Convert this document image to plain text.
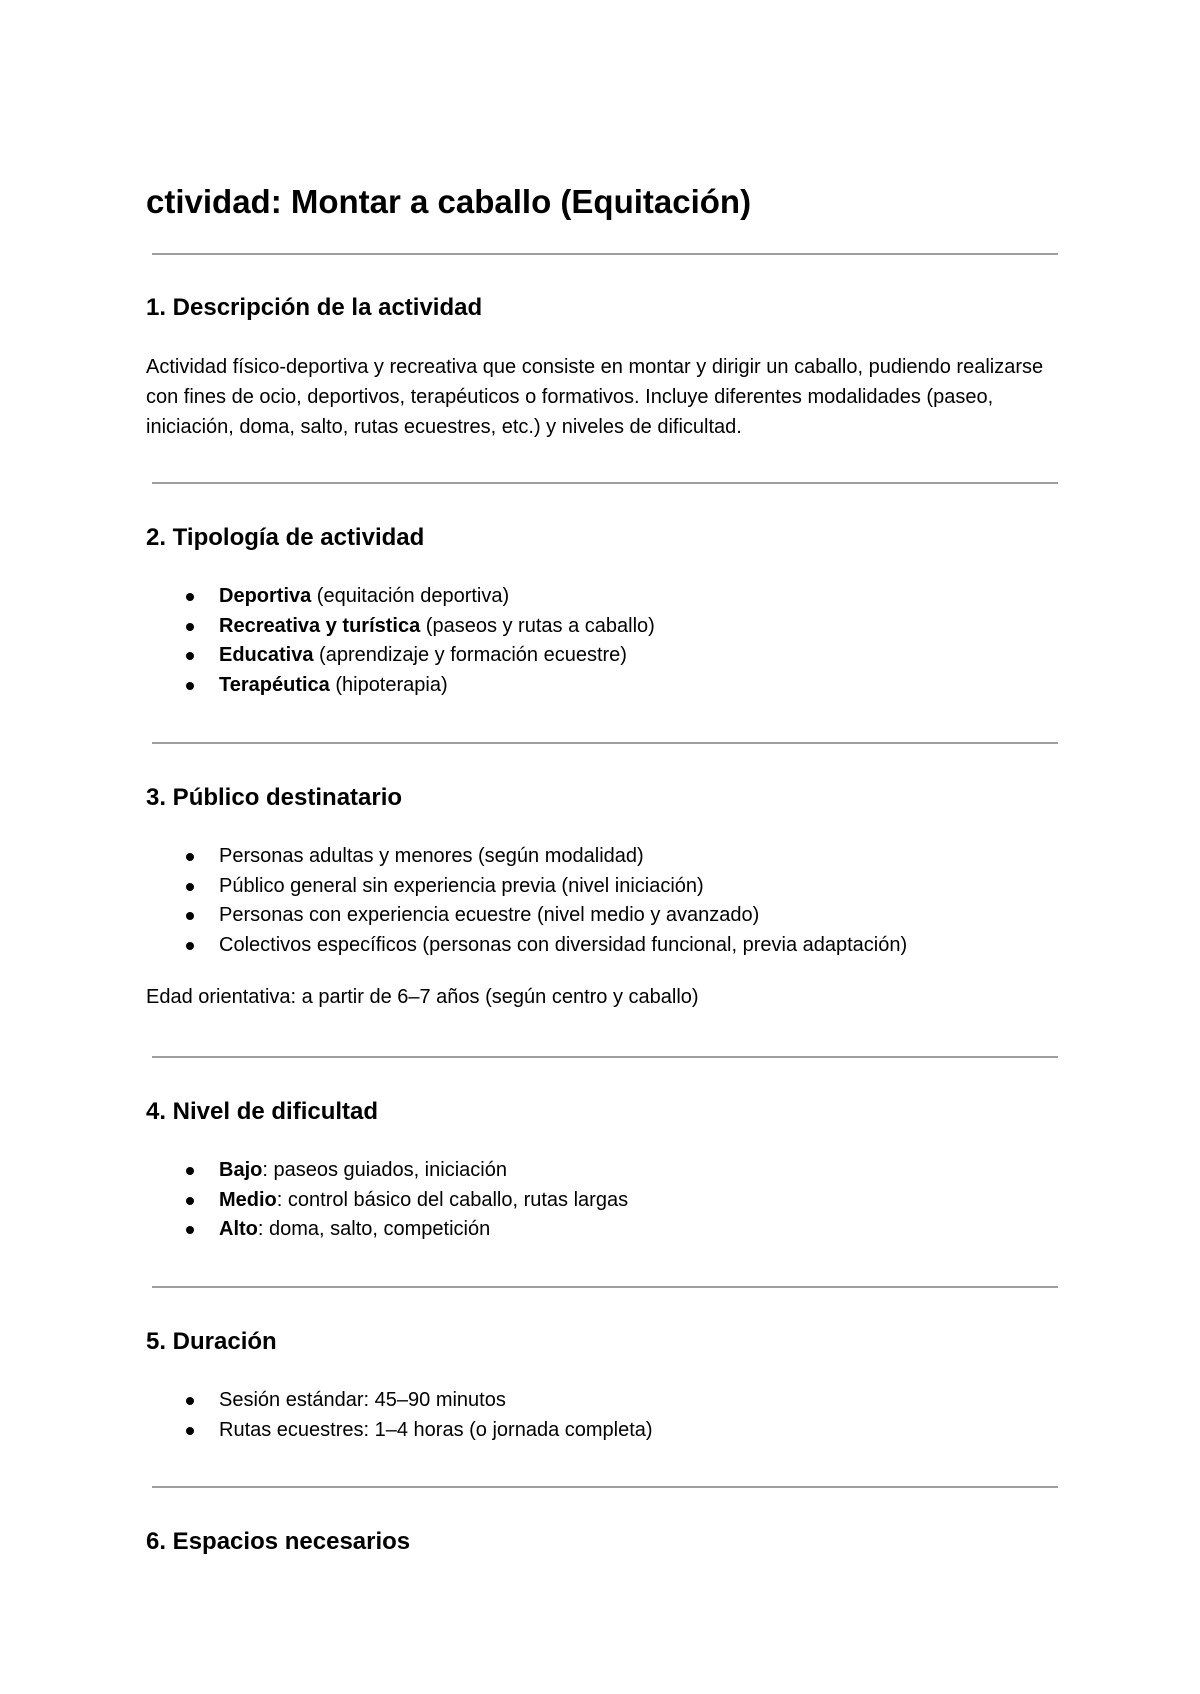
ctividad: Montar a caballo (Equitación)
1. Descripción de la actividad

Actividad físico-deportiva y recreativa que consiste en montar y dirigir un caballo, pudiendo realizarse con fines de ocio, deportivos, terapéuticos o formativos. Incluye diferentes modalidades (paseo, iniciación, doma, salto, rutas ecuestres, etc.) y niveles de dificultad.

2. Tipología de actividad
Deportiva (equitación deportiva)
Recreativa y turística (paseos y rutas a caballo)
Educativa (aprendizaje y formación ecuestre)
Terapéutica (hipoterapia)
3. Público destinatario
Personas adultas y menores (según modalidad)
Público general sin experiencia previa (nivel iniciación)
Personas con experiencia ecuestre (nivel medio y avanzado)
Colectivos específicos (personas con diversidad funcional, previa adaptación)

Edad orientativa: a partir de 6–7 años (según centro y caballo)

4. Nivel de dificultad
Bajo: paseos guiados, iniciación
Medio: control básico del caballo, rutas largas
Alto: doma, salto, competición
5. Duración
Sesión estándar: 45–90 minutos
Rutas ecuestres: 1–4 horas (o jornada completa)
6. Espacios necesarios
